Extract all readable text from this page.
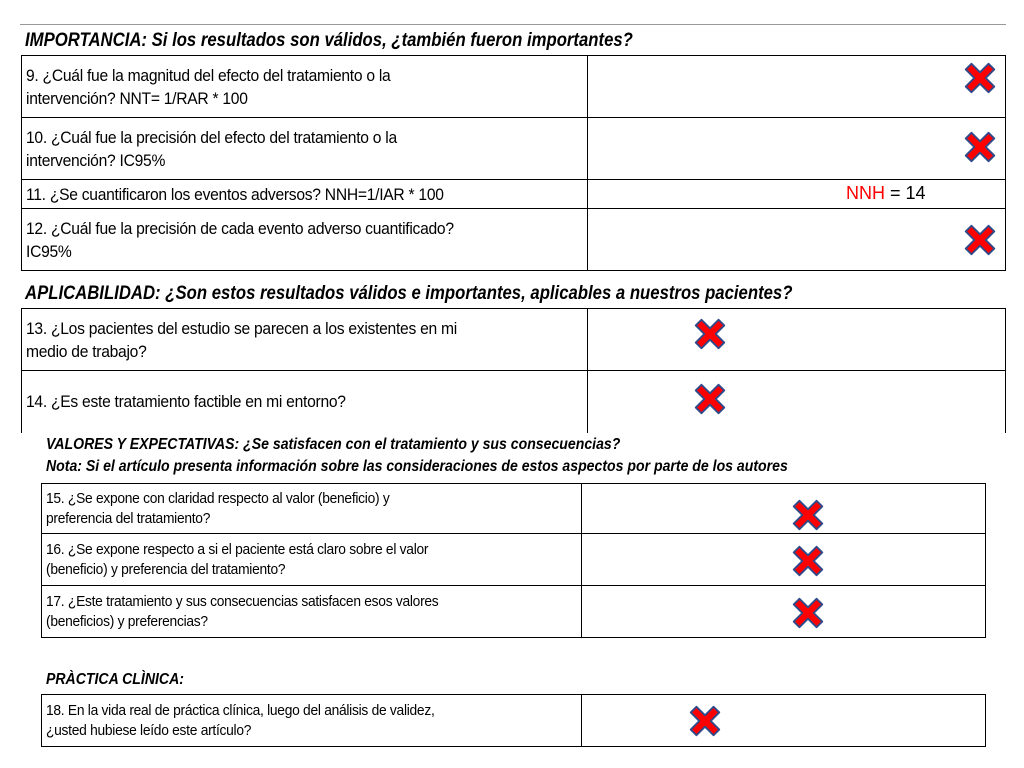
IMPORTANCIA: Si los resultados son válidos, ¿también fueron importantes?
9. ¿Cuál fue la magnitud del efecto del tratamiento o la
intervención? NNT= 1/RAR * 100	

10. ¿Cuál fue la precisión del efecto del tratamiento o la
intervención? IC95%	

11. ¿Se cuantificaron los eventos adversos? NNH=1/IAR * 100	NNH = 14

12. ¿Cuál fue la precisión de cada evento adverso cuantificado?
IC95%	
APLICABILIDAD: ¿Son estos resultados válidos e importantes, aplicables a nuestros pacientes?
13. ¿Los pacientes del estudio se parecen a los existentes en mi
medio de trabajo?	

14. ¿Es este tratamiento factible en mi entorno?	
VALORES Y EXPECTATIVAS: ¿Se satisfacen con el tratamiento y sus consecuencias?
Nota: Si el artículo presenta información sobre las consideraciones de estos aspectos por parte de los autores
15. ¿Se expone con claridad respecto al valor (beneficio) y
preferencia del tratamiento?	

16. ¿Se expone respecto a si el paciente está claro sobre el valor
(beneficio) y preferencia del tratamiento?	

17. ¿Este tratamiento y sus consecuencias satisfacen esos valores
(beneficios) y preferencias?	
PRÀCTICA CLÌNICA:
18. En la vida real de práctica clínica, luego del análisis de validez,
¿usted hubiese leído este artículo?	
